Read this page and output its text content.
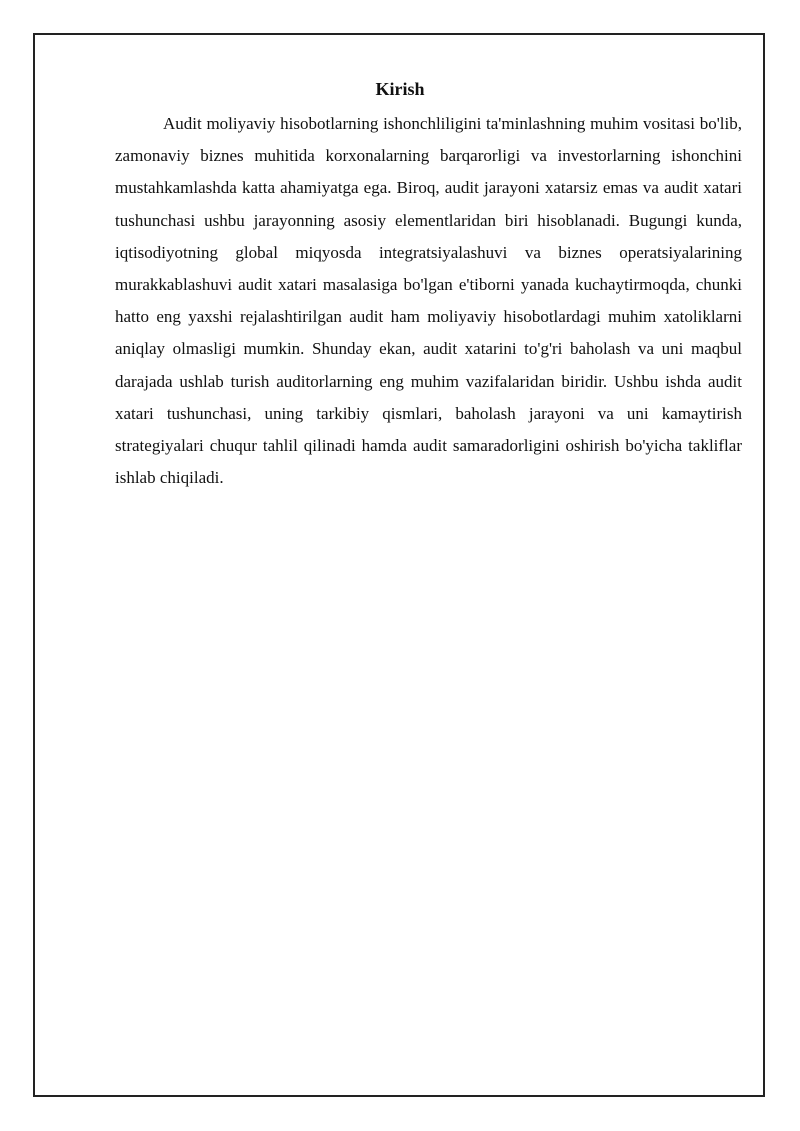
Kirish

Audit moliyaviy hisobotlarning ishonchliligini ta'minlashning muhim vositasi bo'lib, zamonaviy biznes muhitida korxonalarning barqarorligi va investorlarning ishonchini mustahkamlashda katta ahamiyatga ega. Biroq, audit jarayoni xatarsiz emas va audit xatari tushunchasi ushbu jarayonning asosiy elementlaridan biri hisoblanadi. Bugungi kunda, iqtisodiyotning global miqyosda integratsiyalashuvi va biznes operatsiyalarining murakkablashuvi audit xatari masalasiga bo'lgan e'tiborni yanada kuchaytirmoqda, chunki hatto eng yaxshi rejalashtirilgan audit ham moliyaviy hisobotlardagi muhim xatoliklarni aniqlay olmasligi mumkin. Shunday ekan, audit xatarini to'g'ri baholash va uni maqbul darajada ushlab turish auditorlarning eng muhim vazifalaridan biridir. Ushbu ishda audit xatari tushunchasi, uning tarkibiy qismlari, baholash jarayoni va uni kamaytirish strategiyalari chuqur tahlil qilinadi hamda audit samaradorligini oshirish bo'yicha takliflar ishlab chiqiladi.
